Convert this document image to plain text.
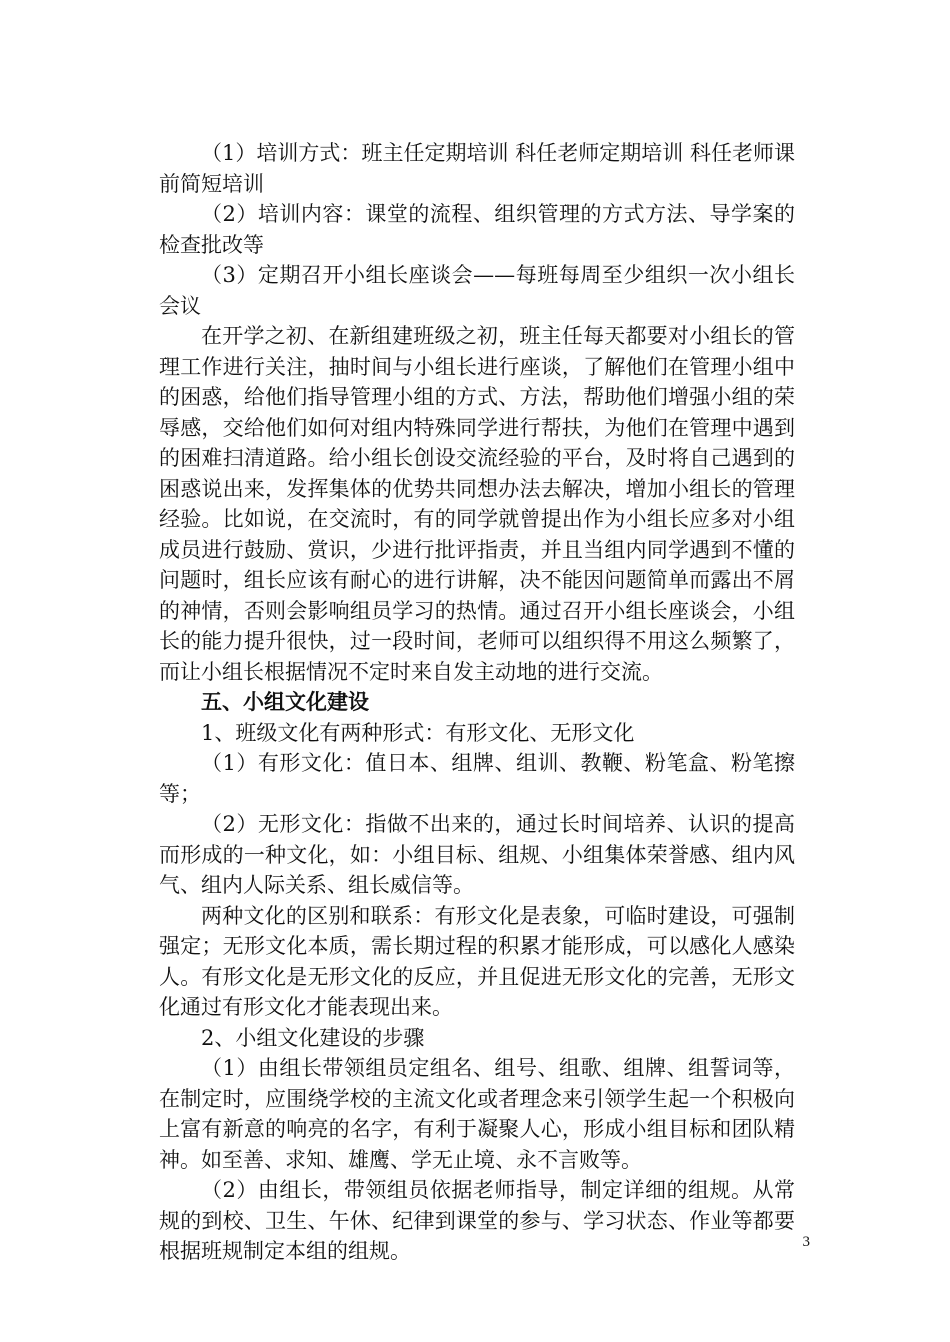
（1）培训方式：班主任定期培训 科任老师定期培训 科任老师课前简短培训

（2）培训内容：课堂的流程、组织管理的方式方法、导学案的检查批改等

（3）定期召开小组长座谈会——每班每周至少组织一次小组长会议

在开学之初、在新组建班级之初，班主任每天都要对小组长的管理工作进行关注，抽时间与小组长进行座谈，了解他们在管理小组中的困惑，给他们指导管理小组的方式、方法，帮助他们增强小组的荣辱感，交给他们如何对组内特殊同学进行帮扶，为他们在管理中遇到的困难扫清道路。给小组长创设交流经验的平台，及时将自己遇到的困惑说出来，发挥集体的优势共同想办法去解决，增加小组长的管理经验。比如说，在交流时，有的同学就曾提出作为小组长应多对小组成员进行鼓励、赏识，少进行批评指责，并且当组内同学遇到不懂的问题时，组长应该有耐心的进行讲解，决不能因问题简单而露出不屑的神情，否则会影响组员学习的热情。通过召开小组长座谈会，小组长的能力提升很快，过一段时间，老师可以组织得不用这么频繁了，而让小组长根据情况不定时来自发主动地的进行交流。

五、小组文化建设

1、班级文化有两种形式：有形文化、无形文化

（1）有形文化：值日本、组牌、组训、教鞭、粉笔盒、粉笔擦等；

（2）无形文化：指做不出来的，通过长时间培养、认识的提高而形成的一种文化，如：小组目标、组规、小组集体荣誉感、组内风气、组内人际关系、组长威信等。

两种文化的区别和联系：有形文化是表象，可临时建设，可强制强定；无形文化本质，需长期过程的积累才能形成，可以感化人感染人。有形文化是无形文化的反应，并且促进无形文化的完善，无形文化通过有形文化才能表现出来。

2、小组文化建设的步骤

（1）由组长带领组员定组名、组号、组歌、组牌、组誓词等，在制定时，应围绕学校的主流文化或者理念来引领学生起一个积极向上富有新意的响亮的名字，有利于凝聚人心，形成小组目标和团队精神。如至善、求知、雄鹰、学无止境、永不言败等。

（2）由组长，带领组员依据老师指导，制定详细的组规。从常规的到校、卫生、午休、纪律到课堂的参与、学习状态、作业等都要根据班规制定本组的组规。	3
